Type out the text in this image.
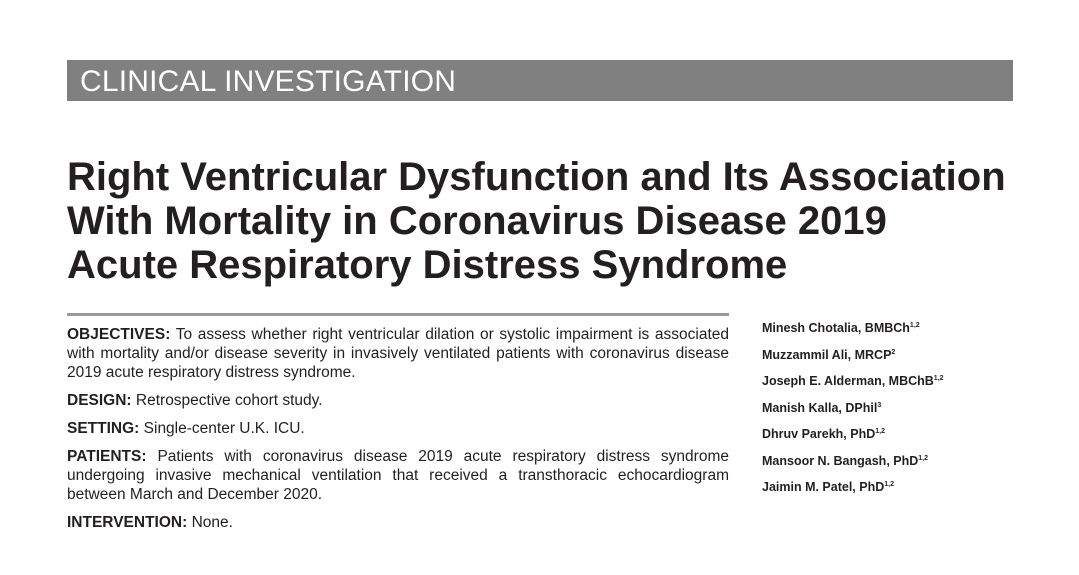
CLINICAL INVESTIGATION
Right Ventricular Dysfunction and Its Association
With Mortality in Coronavirus Disease 2019
Acute Respiratory Distress Syndrome

OBJECTIVES: To assess whether right ventricular dilation or systolic impairment is associated with mortality and/or disease severity in invasively ventilated patients with coronavirus disease 2019 acute respiratory distress syndrome.

DESIGN: Retrospective cohort study.

SETTING: Single-center U.K. ICU.

PATIENTS: Patients with coronavirus disease 2019 acute respiratory distress syndrome undergoing invasive mechanical ventilation that received a transthoracic echocardiogram between March and December 2020.

INTERVENTION: None.

Minesh Chotalia, BMBCh$^{1,2}$
Muzzammil Ali, MRCP$^2$
Joseph E. Alderman, MBChB$^{1,2}$
Manish Kalla, DPhil$^3$
Dhruv Parekh, PhD$^{1,2}$
Mansoor N. Bangash, PhD$^{1,2}$
Jaimin M. Patel, PhD$^{1,2}$
